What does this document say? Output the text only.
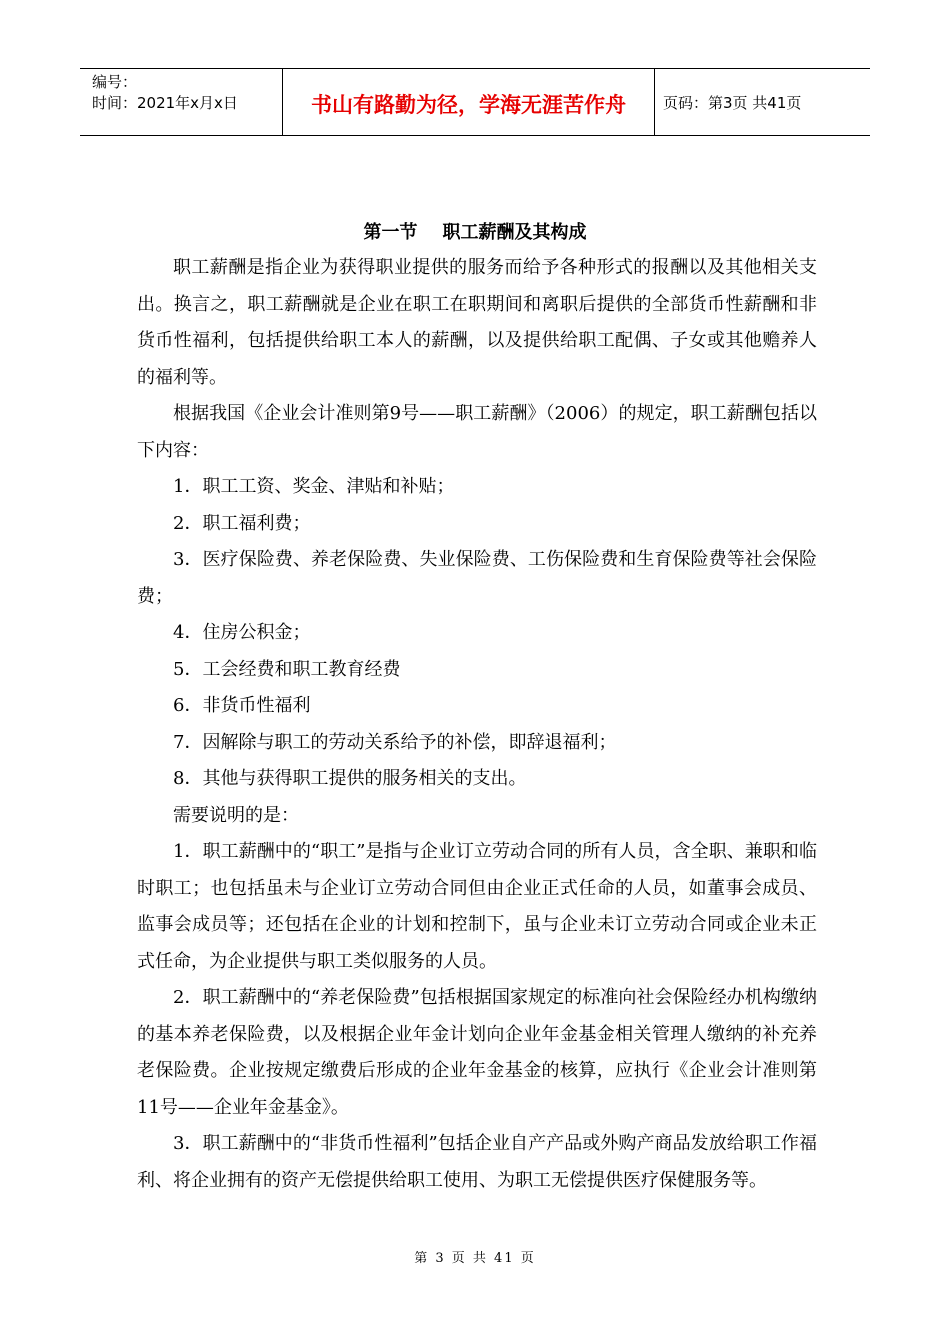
编号：
时间：2021年x月x日	书山有路勤为径，学海无涯苦作舟	页码：第3页 共41页
第一节    职工薪酬及其构成

职工薪酬是指企业为获得职业提供的服务而给予各种形式的报酬以及其他相关支出。换言之，职工薪酬就是企业在职工在职期间和离职后提供的全部货币性薪酬和非货币性福利，包括提供给职工本人的薪酬，以及提供给职工配偶、子女或其他赡养人的福利等。

根据我国《企业会计准则第9号——职工薪酬》（2006）的规定，职工薪酬包括以下内容：

1．职工工资、奖金、津贴和补贴；

2．职工福利费；

3．医疗保险费、养老保险费、失业保险费、工伤保险费和生育保险费等社会保险费；

4．住房公积金；

5．工会经费和职工教育经费

6．非货币性福利

7．因解除与职工的劳动关系给予的补偿，即辞退福利；

8．其他与获得职工提供的服务相关的支出。

需要说明的是：

1．职工薪酬中的“职工”是指与企业订立劳动合同的所有人员，含全职、兼职和临时职工；也包括虽未与企业订立劳动合同但由企业正式任命的人员，如董事会成员、监事会成员等；还包括在企业的计划和控制下，虽与企业未订立劳动合同或企业未正式任命，为企业提供与职工类似服务的人员。

2．职工薪酬中的“养老保险费”包括根据国家规定的标准向社会保险经办机构缴纳的基本养老保险费，以及根据企业年金计划向企业年金基金相关管理人缴纳的补充养老保险费。企业按规定缴费后形成的企业年金基金的核算，应执行《企业会计准则第11号——企业年金基金》。

3．职工薪酬中的“非货币性福利”包括企业自产产品或外购产商品发放给职工作福利、将企业拥有的资产无偿提供给职工使用、为职工无偿提供医疗保健服务等。

第 3 页 共 41 页
